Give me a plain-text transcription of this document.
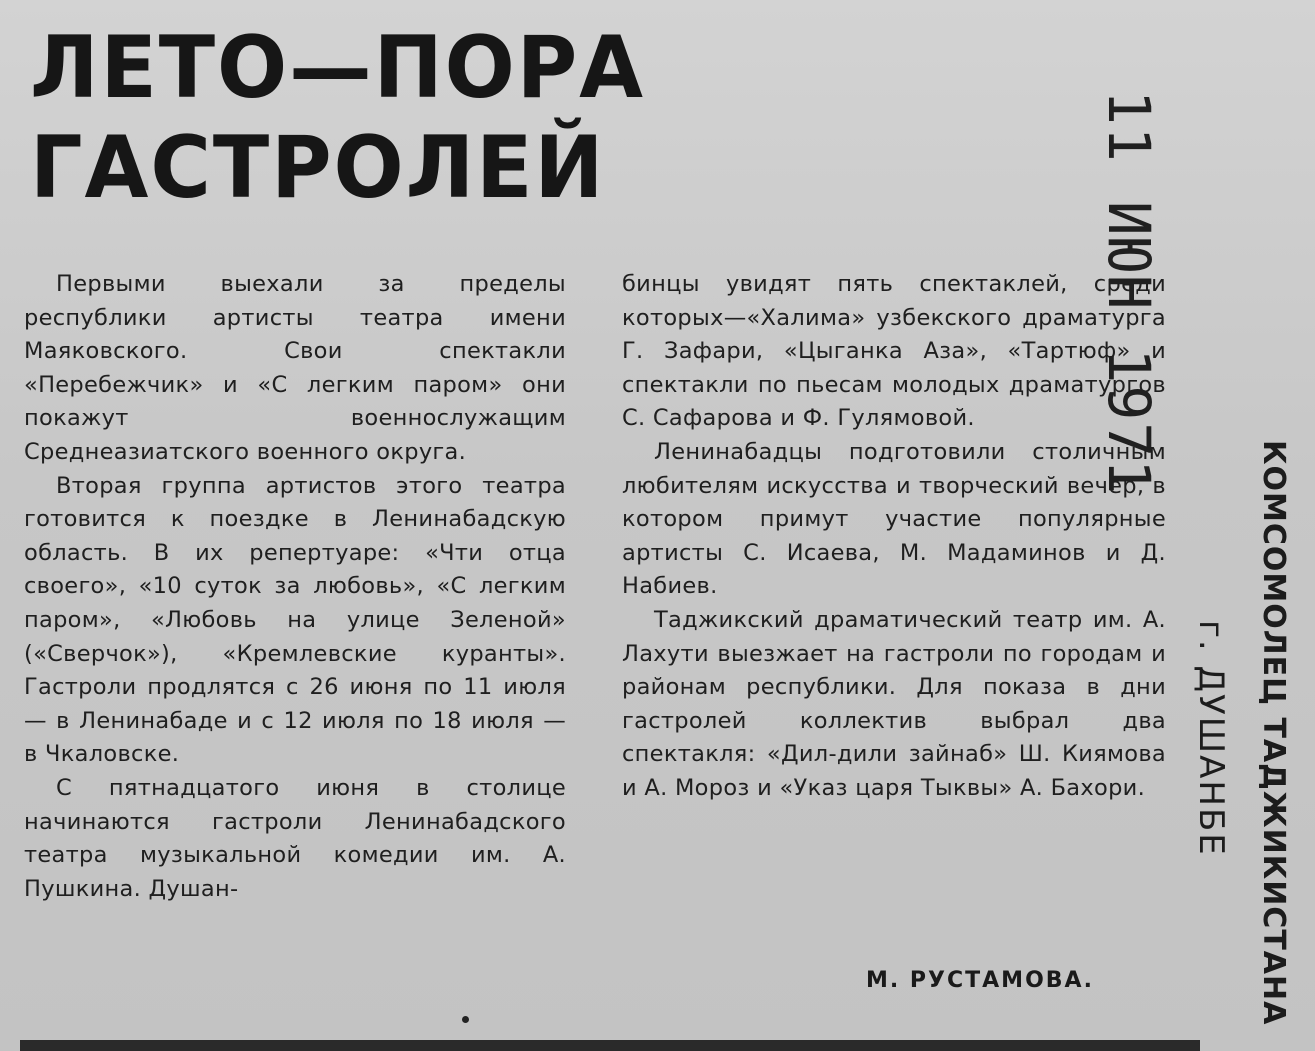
ЛЕТО—ПОРА
ГАСТРОЛЕЙ

Первыми выехали за пределы республики артисты театра имени Маяковского. Свои спектакли «Перебежчик» и «С легким паром» они покажут военнослужащим Среднеазиатского военного округа.

Вторая группа артистов этого театра готовится к поездке в Ленинабадскую область. В их репертуаре: «Чти отца своего», «10 суток за любовь», «С легким паром», «Любовь на улице Зеленой» («Сверчок»), «Кремлевские куранты». Гастроли продлятся с 26 июня по 11 июля — в Ленинабаде и с 12 июля по 18 июля — в Чкаловске.

С пятнадцатого июня в столице начинаются гастроли Ленинабадского театра музыкальной комедии им. А. Пушкина. Душан-

бинцы увидят пять спектаклей, среди которых—«Халима» узбекского драматурга Г. Зафари, «Цыганка Аза», «Тартюф» и спектакли по пьесам молодых драматургов С. Сафарова и Ф. Гулямовой.

Ленинабадцы подготовили столичным любителям искусства и творческий вечер, в котором примут участие популярные артисты С. Исаева, М. Мадаминов и Д. Набиев.

Таджикский драматический театр им. А. Лахути выезжает на гастроли по городам и районам республики. Для показа в дни гастролей коллектив выбрал два спектакля: «Дил-дили зайнаб» Ш. Киямова и А. Мороз и «Указ царя Тыквы» А. Бахори.

М. РУСТАМОВА.
11 ИЮН 1971
КОМСОМОЛЕЦ ТАДЖИКИСТАНА
г. ДУШАНБЕ
